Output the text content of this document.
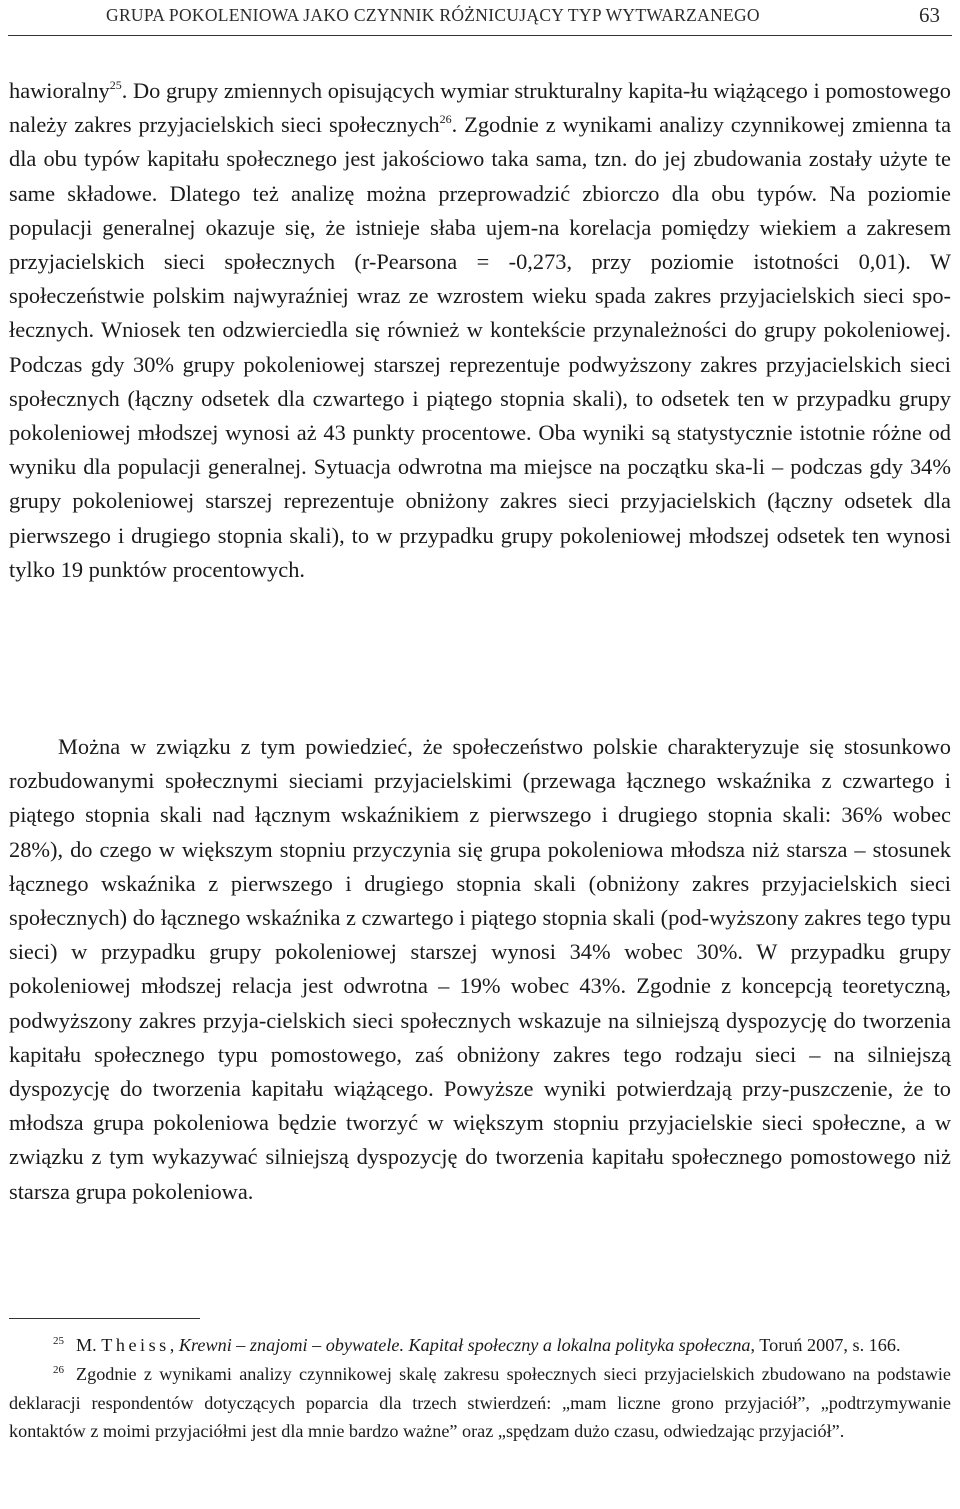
GRUPA POKOLENIOWA JAKO CZYNNIK RÓŻNICUJĄCY TYP WYTWARZANEGO	63

hawioralny$^{25}$. Do grupy zmiennych opisujących wymiar strukturalny kapita-łu wiążącego i pomostowego należy zakres przyjacielskich sieci społecznych$^{26}$. Zgodnie z wynikami analizy czynnikowej zmienna ta dla obu typów kapitału społecznego jest jakościowo taka sama, tzn. do jej zbudowania zostały użyte te same składowe. Dlatego też analizę można przeprowadzić zbiorczo dla obu typów. Na poziomie populacji generalnej okazuje się, że istnieje słaba ujem-na korelacja pomiędzy wiekiem a zakresem przyjacielskich sieci społecznych (r-Pearsona = -0,273, przy poziomie istotności 0,01). W społeczeństwie polskim najwyraźniej wraz ze wzrostem wieku spada zakres przyjacielskich sieci spo-łecznych. Wniosek ten odzwierciedla się również w kontekście przynależności do grupy pokoleniowej. Podczas gdy 30% grupy pokoleniowej starszej reprezentuje podwyższony zakres przyjacielskich sieci społecznych (łączny odsetek dla czwartego i piątego stopnia skali), to odsetek ten w przypadku grupy pokoleniowej młodszej wynosi aż 43 punkty procentowe. Oba wyniki są statystycznie istotnie różne od wyniku dla populacji generalnej. Sytuacja odwrotna ma miejsce na początku ska-li – podczas gdy 34% grupy pokoleniowej starszej reprezentuje obniżony zakres sieci przyjacielskich (łączny odsetek dla pierwszego i drugiego stopnia skali), to w przypadku grupy pokoleniowej młodszej odsetek ten wynosi tylko 19 punktów procentowych.

Można w związku z tym powiedzieć, że społeczeństwo polskie charakteryzuje się stosunkowo rozbudowanymi społecznymi sieciami przyjacielskimi (przewaga łącznego wskaźnika z czwartego i piątego stopnia skali nad łącznym wskaźnikiem z pierwszego i drugiego stopnia skali: 36% wobec 28%), do czego w większym stopniu przyczynia się grupa pokoleniowa młodsza niż starsza – stosunek łącznego wskaźnika z pierwszego i drugiego stopnia skali (obniżony zakres przyjacielskich sieci społecznych) do łącznego wskaźnika z czwartego i piątego stopnia skali (pod-wyższony zakres tego typu sieci) w przypadku grupy pokoleniowej starszej wynosi 34% wobec 30%. W przypadku grupy pokoleniowej młodszej relacja jest odwrotna – 19% wobec 43%. Zgodnie z koncepcją teoretyczną, podwyższony zakres przyja-cielskich sieci społecznych wskazuje na silniejszą dyspozycję do tworzenia kapitału społecznego typu pomostowego, zaś obniżony zakres tego rodzaju sieci – na silniejszą dyspozycję do tworzenia kapitału wiążącego. Powyższe wyniki potwierdzają przy-puszczenie, że to młodsza grupa pokoleniowa będzie tworzyć w większym stopniu przyjacielskie sieci społeczne, a w związku z tym wykazywać silniejszą dyspozycję do tworzenia kapitału społecznego pomostowego niż starsza grupa pokoleniowa.

$^{25}$ M. Theiss, Krewni – znajomi – obywatele. Kapitał społeczny a lokalna polityka społeczna, Toruń 2007, s. 166.

$^{26}$ Zgodnie z wynikami analizy czynnikowej skalę zakresu społecznych sieci przyjacielskich zbudowano na podstawie deklaracji respondentów dotyczących poparcia dla trzech stwierdzeń: „mam liczne grono przyjaciół”, „podtrzymywanie kontaktów z moimi przyjaciółmi jest dla mnie bardzo ważne” oraz „spędzam dużo czasu, odwiedzając przyjaciół”.
